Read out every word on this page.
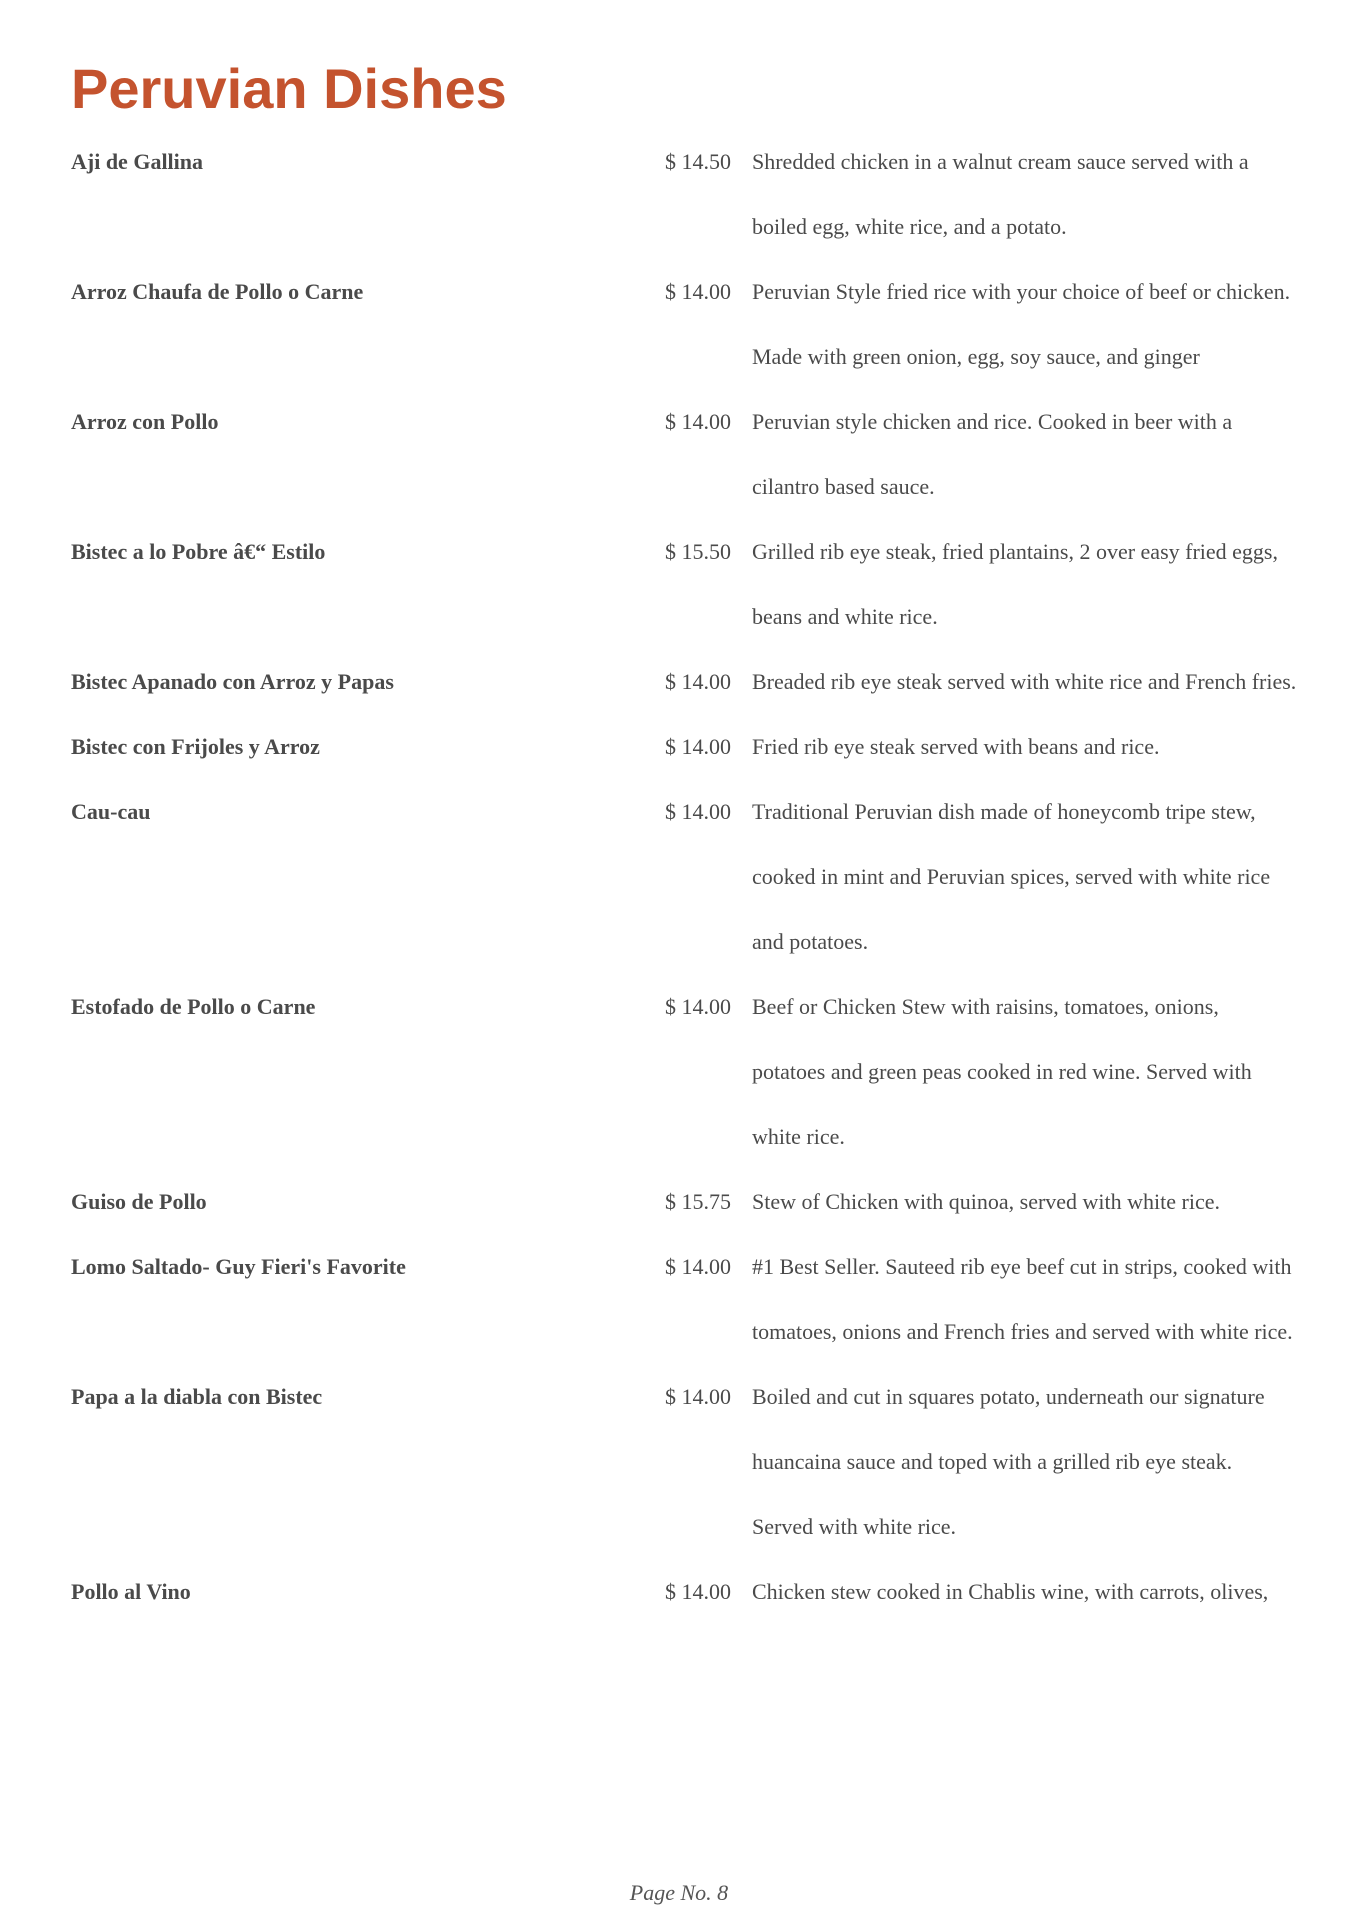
Peruvian Dishes
Aji de Gallina	$ 14.50 Shredded chicken in a walnut cream sauce served with a boiled egg, white rice, and a potato.
Arroz Chaufa de Pollo o Carne	$ 14.00 Peruvian Style fried rice with your choice of beef or chicken. Made with green onion, egg, soy sauce, and ginger
Arroz con Pollo	$ 14.00 Peruvian style chicken and rice. Cooked in beer with a cilantro based sauce.
Bistec a lo Pobre â€“ Estilo	$ 15.50 Grilled rib eye steak, fried plantains, 2 over easy fried eggs, beans and white rice.
Bistec Apanado con Arroz y Papas	$ 14.00 Breaded rib eye steak served with white rice and French fries.
Bistec con Frijoles y Arroz	$ 14.00 Fried rib eye steak served with beans and rice.
Cau-cau	$ 14.00 Traditional Peruvian dish made of honeycomb tripe stew, cooked in mint and Peruvian spices, served with white rice and potatoes.
Estofado de Pollo o Carne	$ 14.00 Beef or Chicken Stew with raisins, tomatoes, onions, potatoes and green peas cooked in red wine. Served with white rice.
Guiso de Pollo	$ 15.75 Stew of Chicken with quinoa, served with white rice.
Lomo Saltado- Guy Fieri's Favorite	$ 14.00 #1 Best Seller. Sauteed rib eye beef cut in strips, cooked with tomatoes, onions and French fries and served with white rice.
Papa a la diabla con Bistec	$ 14.00 Boiled and cut in squares potato, underneath our signature huancaina sauce and toped with a grilled rib eye steak. Served with white rice.
Pollo al Vino	$ 14.00 Chicken stew cooked in Chablis wine, with carrots, olives,
Page No. 8
